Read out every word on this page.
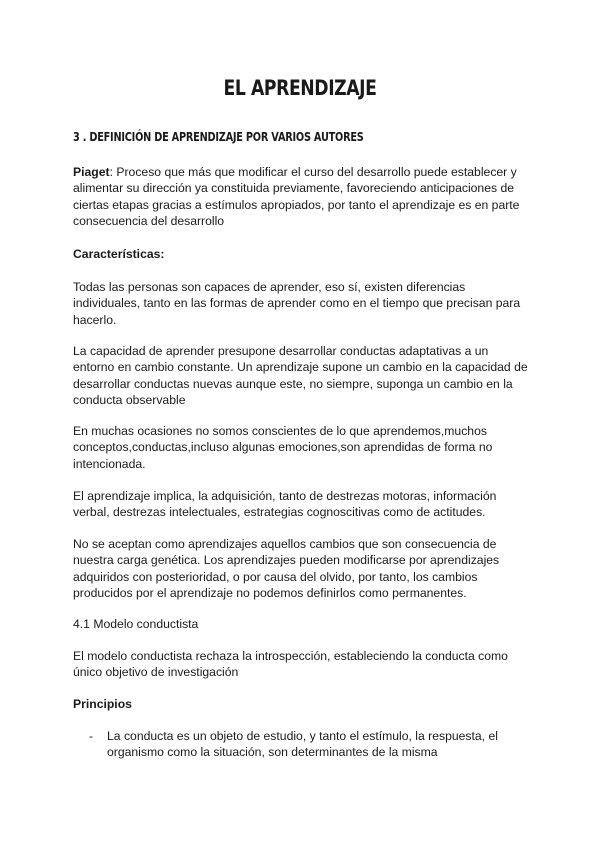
EL APRENDIZAJE
3 . DEFINICIÓN DE APRENDIZAJE POR VARIOS AUTORES

Piaget: Proceso que más que modificar el curso del desarrollo puede establecer y alimentar su dirección ya constituida previamente, favoreciendo anticipaciones de ciertas etapas gracias a estímulos apropiados, por tanto el aprendizaje es en parte consecuencia del desarrollo

Características:

Todas las personas son capaces de aprender, eso sí, existen diferencias individuales, tanto en las formas de aprender como en el tiempo que precisan para hacerlo.

La capacidad de aprender presupone desarrollar conductas adaptativas a un entorno en cambio constante. Un aprendizaje supone un cambio en la capacidad de desarrollar conductas nuevas aunque este, no siempre, suponga un cambio en la conducta observable

En muchas ocasiones no somos conscientes de lo que aprendemos,muchos conceptos,conductas,incluso algunas emociones,son aprendidas de forma no intencionada.

El aprendizaje implica, la adquisición, tanto de destrezas motoras, información verbal, destrezas intelectuales, estrategias cognoscitivas como de actitudes.

No se aceptan como aprendizajes aquellos cambios que son consecuencia de nuestra carga genética. Los aprendizajes pueden modificarse por aprendizajes adquiridos con posterioridad, o por causa del olvido, por tanto, los cambios producidos por el aprendizaje no podemos definirlos como permanentes.

4.1 Modelo conductista

El modelo conductista rechaza la introspección, estableciendo la conducta como único objetivo de investigación

Principios

- La conducta es un objeto de estudio, y tanto el estímulo, la respuesta, el organismo como la situación, son determinantes de la misma
